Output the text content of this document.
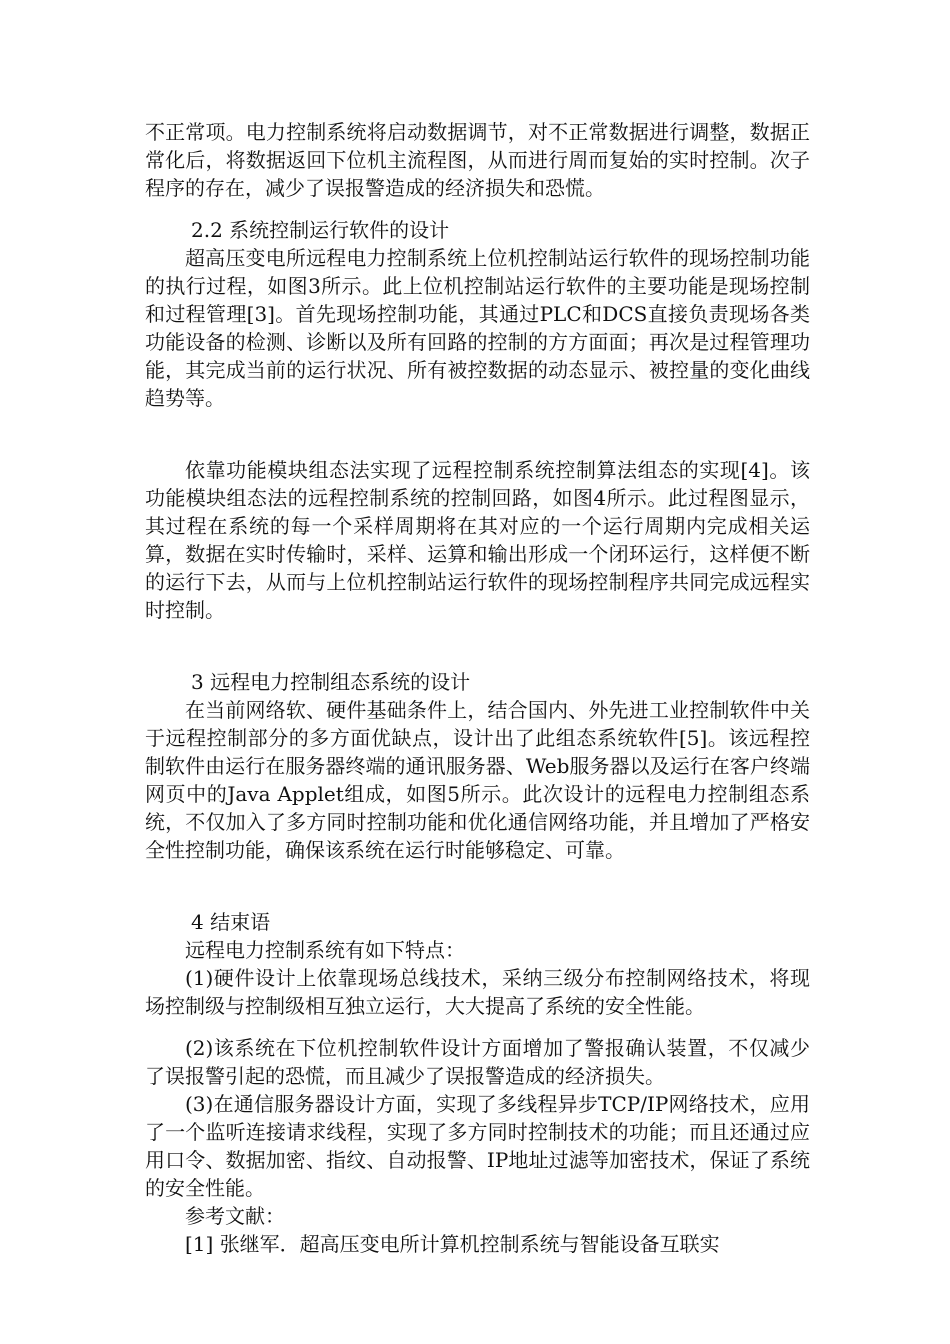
不正常项。电力控制系统将启动数据调节，对不正常数据进行调整，数据正常化后，将数据返回下位机主流程图，从而进行周而复始的实时控制。次子程序的存在，减少了误报警造成的经济损失和恐慌。

2.2 系统控制运行软件的设计

超高压变电所远程电力控制系统上位机控制站运行软件的现场控制功能的执行过程，如图3所示。此上位机控制站运行软件的主要功能是现场控制和过程管理[3]。首先现场控制功能，其通过PLC和DCS直接负责现场各类功能设备的检测、诊断以及所有回路的控制的方方面面；再次是过程管理功能，其完成当前的运行状况、所有被控数据的动态显示、被控量的变化曲线趋势等。

依靠功能模块组态法实现了远程控制系统控制算法组态的实现[4]。该功能模块组态法的远程控制系统的控制回路，如图4所示。此过程图显示，其过程在系统的每一个采样周期将在其对应的一个运行周期内完成相关运算，数据在实时传输时，采样、运算和输出形成一个闭环运行，这样便不断的运行下去，从而与上位机控制站运行软件的现场控制程序共同完成远程实时控制。

3 远程电力控制组态系统的设计

在当前网络软、硬件基础条件上，结合国内、外先进工业控制软件中关于远程控制部分的多方面优缺点，设计出了此组态系统软件[5]。该远程控制软件由运行在服务器终端的通讯服务器、Web服务器以及运行在客户终端网页中的Java Applet组成，如图5所示。此次设计的远程电力控制组态系统，不仅加入了多方同时控制功能和优化通信网络功能，并且增加了严格安全性控制功能，确保该系统在运行时能够稳定、可靠。

4 结束语

远程电力控制系统有如下特点：

(1)硬件设计上依靠现场总线技术，采纳三级分布控制网络技术，将现场控制级与控制级相互独立运行，大大提高了系统的安全性能。

(2)该系统在下位机控制软件设计方面增加了警报确认装置，不仅减少了误报警引起的恐慌，而且减少了误报警造成的经济损失。

(3)在通信服务器设计方面，实现了多线程异步TCP/IP网络技术，应用了一个监听连接请求线程，实现了多方同时控制技术的功能；而且还通过应用口令、数据加密、指纹、自动报警、IP地址过滤等加密技术，保证了系统的安全性能。

参考文献：

[1] 张继军．超高压变电所计算机控制系统与智能设备互联实
